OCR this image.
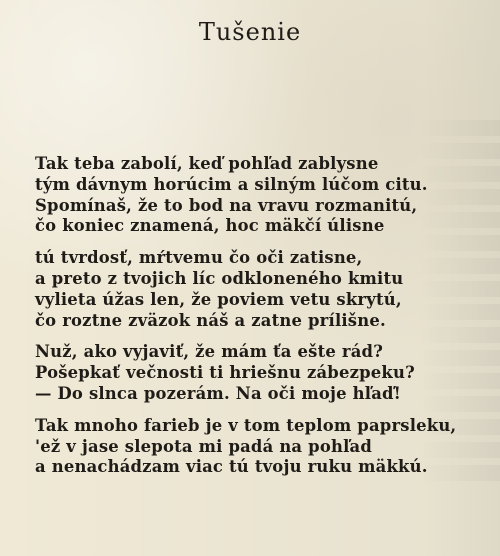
Tušenie
Tak teba zabolí, keď pohľad zablysne
tým dávnym horúcim a silným lúčom citu.
Spomínaš, že to bod na vravu rozmanitú,
čo koniec znamená, hoc mäkčí úlisne
tú tvrdosť, mŕtvemu čo oči zatisne,
a preto z tvojich líc odkloneného kmitu
vylieta úžas len, že poviem vetu skrytú,
čo roztne zväzok náš a zatne prílišne.
Nuž, ako vyjaviť, že mám ťa ešte rád?
Pošepkať večnosti ti hriešnu zábezpeku?
— Do slnca pozerám. Na oči moje hľaď!
Tak mnoho farieb je v tom teplom paprsleku,
'ež v jase slepota mi padá na pohľad
a nenachádzam viac tú tvoju ruku mäkkú.
